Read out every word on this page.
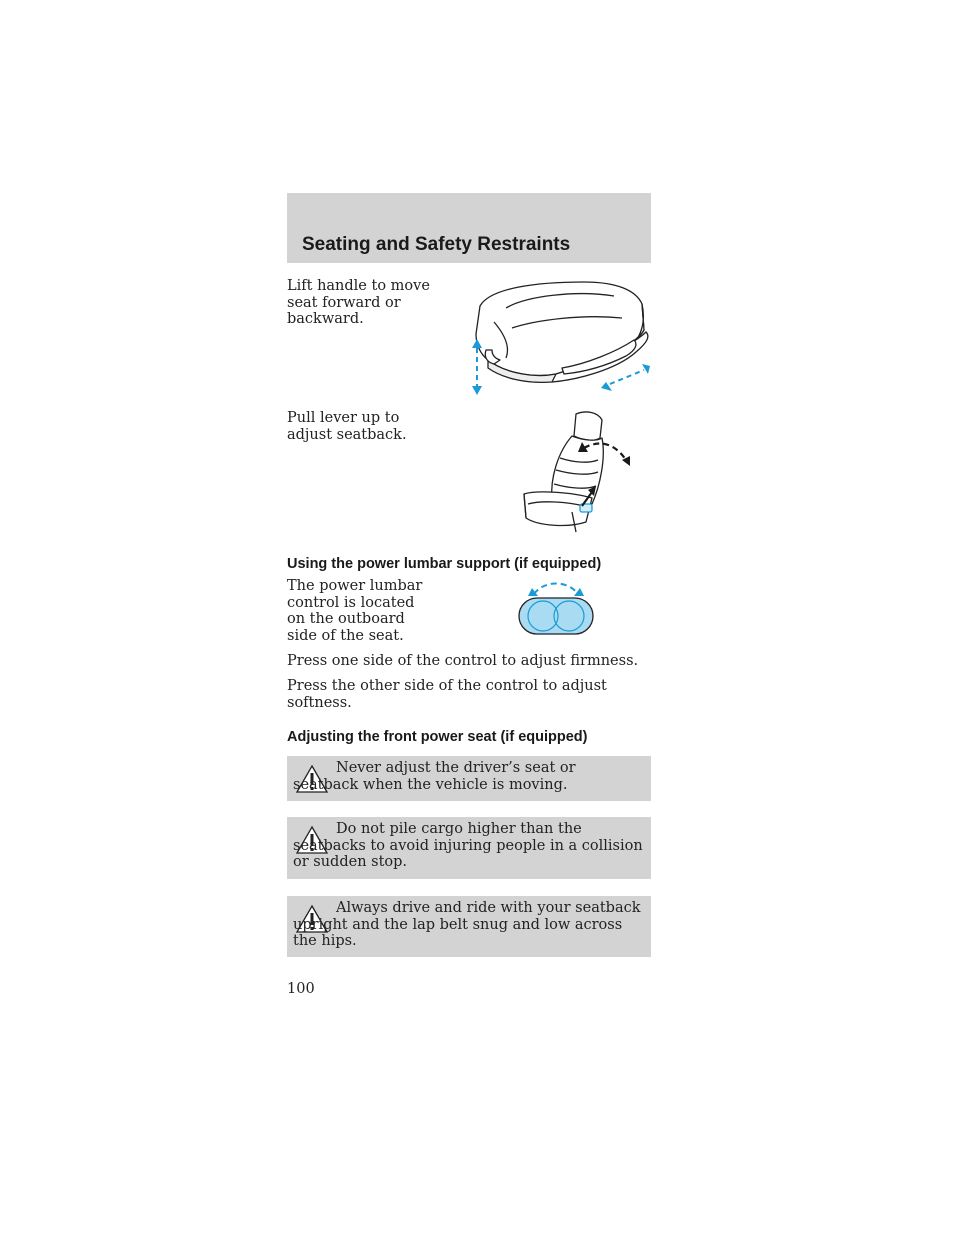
Seating and Safety Restraints
Lift handle to move seat forward or backward.
Pull lever up to adjust seatback.
Using the power lumbar support (if equipped)
The power lumbar control is located on the outboard side of the seat.
Press one side of the control to adjust firmness.
Press the other side of the control to adjust softness.
Adjusting the front power seat (if equipped)
Never adjust the driver’s seat or seatback when the vehicle is moving.
Do not pile cargo higher than the seatbacks to avoid injuring people in a collision or sudden stop.
Always drive and ride with your seatback upright and the lap belt snug and low across the hips.
100
